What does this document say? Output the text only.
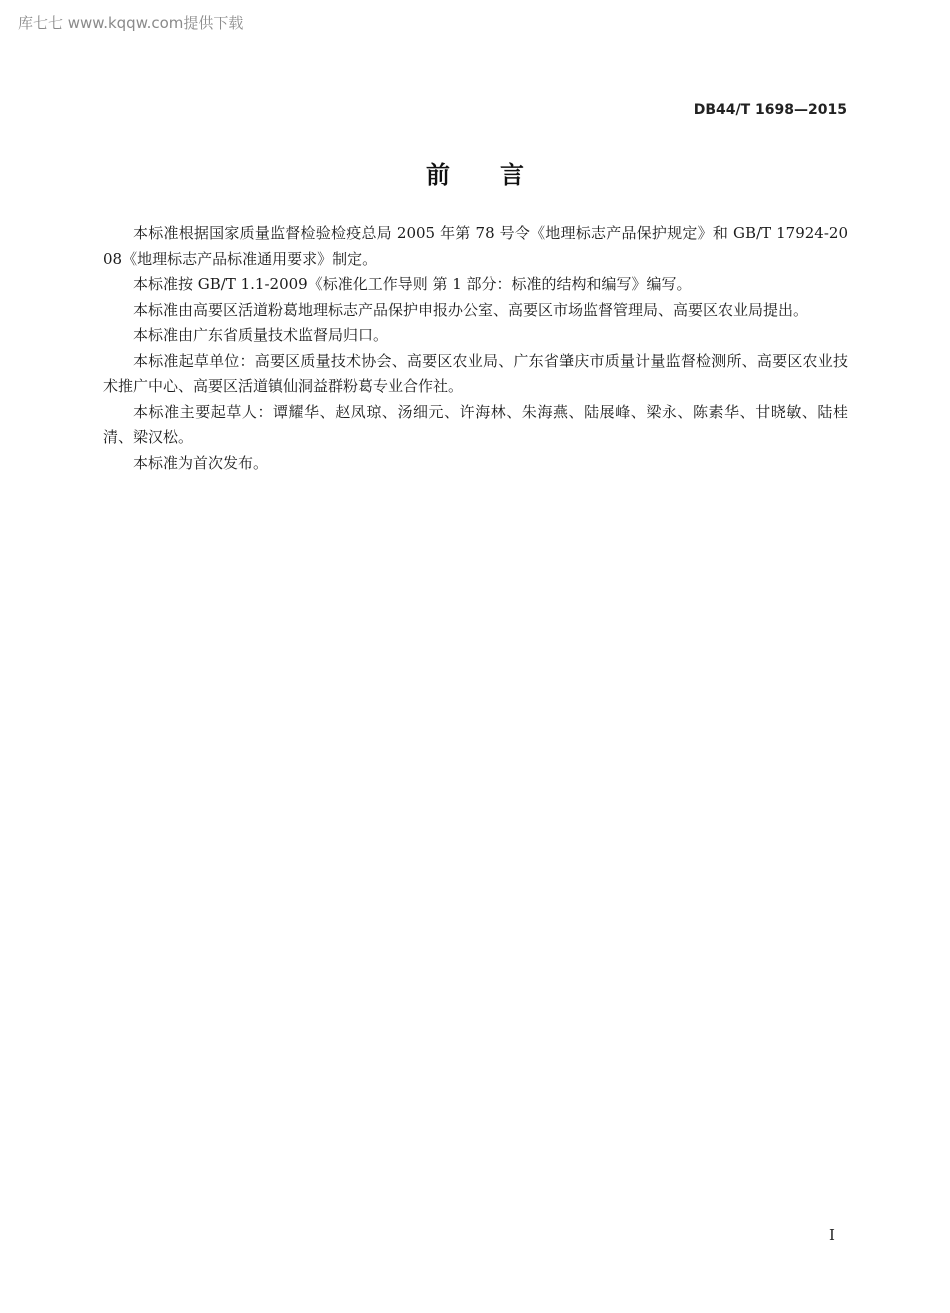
库七七 www.kqqw.com提供下载
DB44/T 1698—2015
前言

本标准根据国家质量监督检验检疫总局 2005 年第 78 号令《地理标志产品保护规定》和 GB/T 17924-2008《地理标志产品标准通用要求》制定。

本标准按 GB/T 1.1-2009《标准化工作导则 第 1 部分：标准的结构和编写》编写。

本标准由高要区活道粉葛地理标志产品保护申报办公室、高要区市场监督管理局、高要区农业局提出。

本标准由广东省质量技术监督局归口。

本标准起草单位：高要区质量技术协会、高要区农业局、广东省肇庆市质量计量监督检测所、高要区农业技术推广中心、高要区活道镇仙洞益群粉葛专业合作社。

本标准主要起草人：谭耀华、赵凤琼、汤细元、许海林、朱海燕、陆展峰、梁永、陈素华、甘晓敏、陆桂清、梁汉松。

本标准为首次发布。

I
